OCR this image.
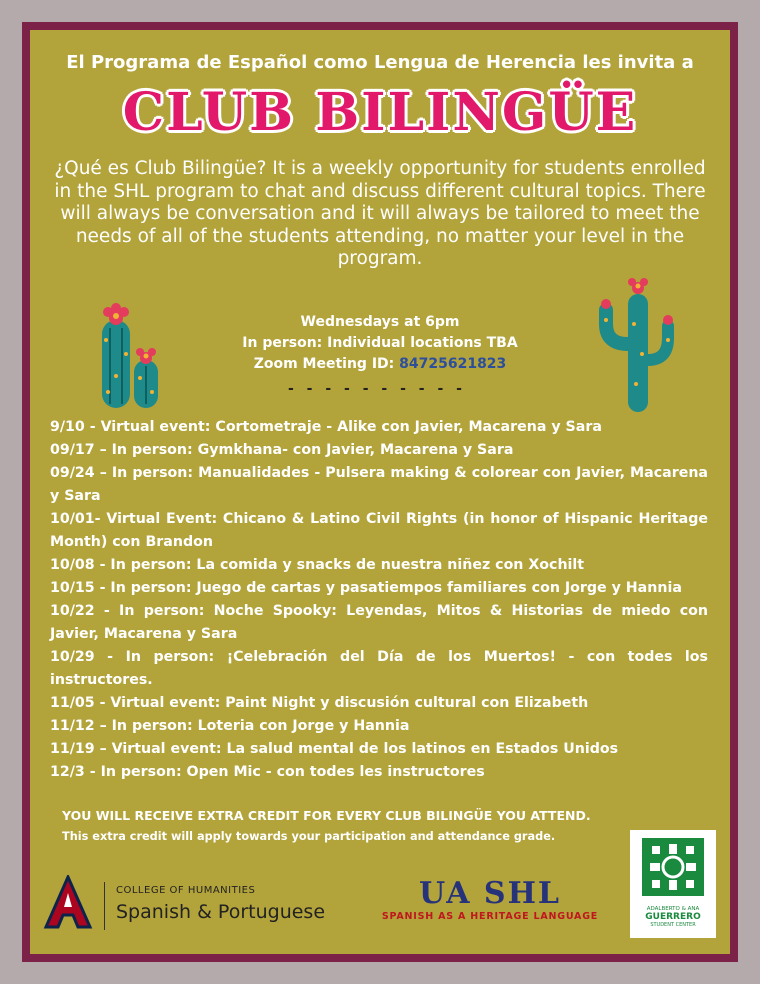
El Programa de Español como Lengua de Herencia les invita a
CLUB BILINGÜE
¿Qué es Club Bilingüe? It is a weekly opportunity for students enrolled in the SHL program to chat and discuss different cultural topics. There will always be conversation and it will always be tailored to meet the needs of all of the students attending, no matter your level in the program.
Wednesdays at 6pm
In person: Individual locations TBA
Zoom Meeting ID: 84725621823
- - - - - - - - - -

9/10 - Virtual event: Cortometraje - Alike con Javier, Macarena y Sara

09/17 – In person: Gymkhana- con Javier, Macarena y Sara

09/24 – In person: Manualidades - Pulsera making & colorear con Javier, Macarena y Sara

10/01- Virtual Event: Chicano & Latino Civil Rights (in honor of Hispanic Heritage Month) con Brandon

10/08 - In person: La comida y snacks de nuestra niñez con Xochilt

10/15 - In person: Juego de cartas y pasatiempos familiares con Jorge y Hannia

10/22 - In person: Noche Spooky: Leyendas, Mitos & Historias de miedo con Javier, Macarena y Sara

10/29 - In person: ¡Celebración del Día de los Muertos! - con todes los instructores.

11/05 - Virtual event: Paint Night y discusión cultural con Elizabeth

11/12 – In person: Loteria con Jorge y Hannia

11/19 – Virtual event: La salud mental de los latinos en Estados Unidos

12/3 - In person: Open Mic - con todes les instructores

YOU WILL RECEIVE EXTRA CREDIT FOR EVERY CLUB BILINGÜE YOU ATTEND.
This extra credit will apply towards your participation and attendance grade.
COLLEGE OF HUMANITIES
Spanish & Portuguese
UA SHL
SPANISH AS A HERITAGE LANGUAGE
ADALBERTO & ANA
GUERRERO
STUDENT CENTER
